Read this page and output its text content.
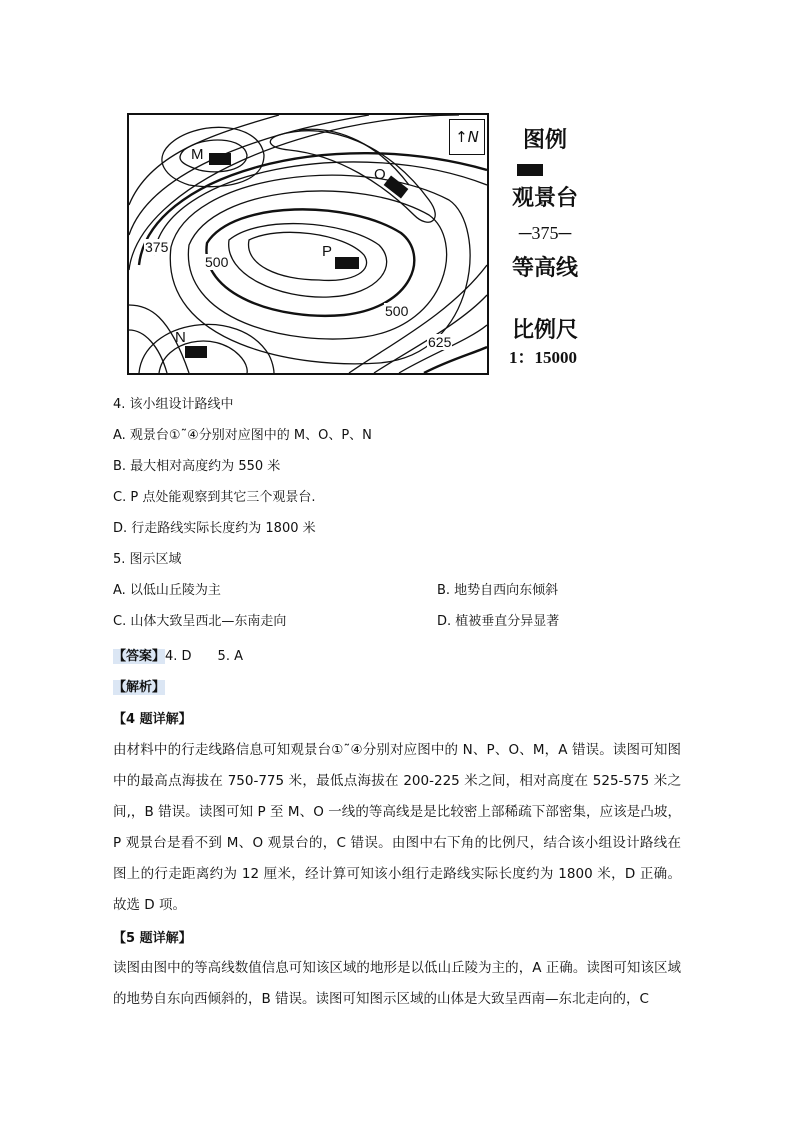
↑N
M
O
P
N
375
500
500
625
图例
观景台
─375─
等高线
比例尺
1：15000
4. 该小组设计路线中
A. 观景台①˜④分别对应图中的 M、O、P、N
B. 最大相对高度约为 550 米
C. P 点处能观察到其它三个观景台.
D. 行走路线实际长度约为 1800 米
5. 图示区域
A. 以低山丘陵为主	B. 地势自西向东倾斜
C. 山体大致呈西北—东南走向	D. 植被垂直分异显著
【答案】4. D　　5. A
【解析】
【4 题详解】
由材料中的行走线路信息可知观景台①˜④分别对应图中的 N、P、O、M，A 错误。读图可知图中的最高点海拔在 750-775 米，最低点海拔在 200-225 米之间，相对高度在 525-575 米之间,，B 错误。读图可知 P 至 M、O 一线的等高线是是比较密上部稀疏下部密集，应该是凸坡，P 观景台是看不到 M、O 观景台的，C 错误。由图中右下角的比例尺，结合该小组设计路线在图上的行走距离约为 12 厘米，经计算可知该小组行走路线实际长度约为 1800 米，D 正确。故选 D 项。
【5 题详解】
读图由图中的等高线数值信息可知该区域的地形是以低山丘陵为主的，A 正确。读图可知该区域的地势自东向西倾斜的，B 错误。读图可知图示区域的山体是大致呈西南—东北走向的，C
